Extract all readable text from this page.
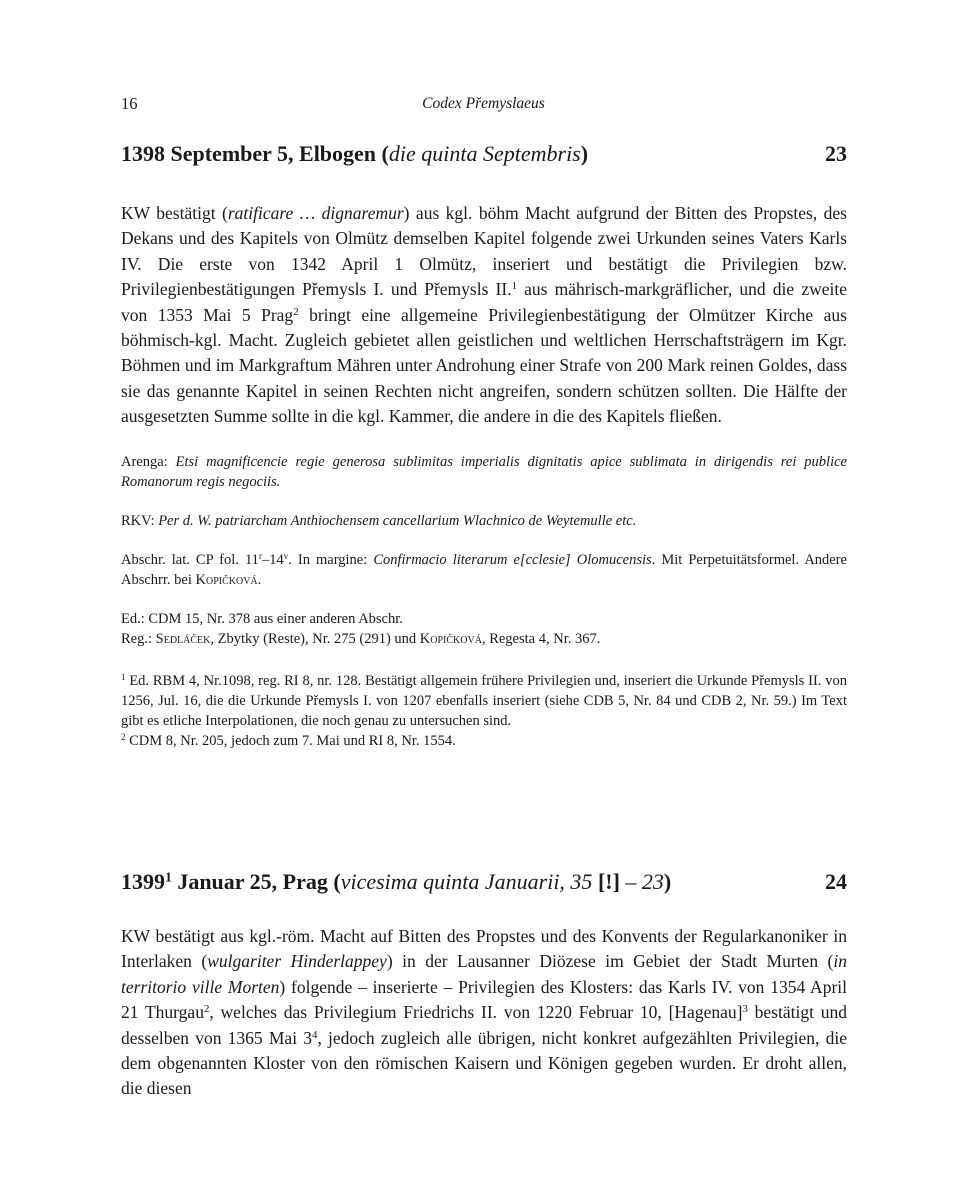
16	Codex Přemyslaeus
1398 September 5, Elbogen (die quinta Septembris)	23

KW bestätigt (ratificare … dignaremur) aus kgl. böhm Macht aufgrund der Bitten des Propstes, des Dekans und des Kapitels von Olmütz demselben Kapitel folgende zwei Urkunden seines Vaters Karls IV. Die erste von 1342 April 1 Olmütz, inseriert und bestätigt die Privilegien bzw. Privilegienbestätigungen Přemysls I. und Přemysls II.$^1$ aus mährisch-markgräflicher, und die zweite von 1353 Mai 5 Prag$^2$ bringt eine allgemeine Privilegienbestätigung der Olmützer Kirche aus böhmisch-kgl. Macht. Zugleich gebietet allen geistlichen und weltlichen Herrschaftsträgern im Kgr. Böhmen und im Markgraftum Mähren unter Androhung einer Strafe von 200 Mark reinen Goldes, dass sie das genannte Kapitel in seinen Rechten nicht angreifen, sondern schützen sollten. Die Hälfte der ausgesetzten Summe sollte in die kgl. Kammer, die andere in die des Kapitels fließen.

Arenga: Etsi magnificencie regie generosa sublimitas imperialis dignitatis apice sublimata in dirigendis rei publice Romanorum regis negociis.

RKV: Per d. W. patriarcham Anthiochensem cancellarium Wlachnico de Weytemulle etc.

Abschr. lat. CP fol. 11$^r$–14$^v$. In margine: Confirmacio literarum e[cclesie] Olomucensis. Mit Perpetuitätsformel. Andere Abschrr. bei Kopičková.

Ed.: CDM 15, Nr. 378 aus einer anderen Abschr.
Reg.: Sedláček, Zbytky (Reste), Nr. 275 (291) und Kopičková, Regesta 4, Nr. 367.

$^1$ Ed. RBM 4, Nr.1098, reg. RI 8, nr. 128. Bestätigt allgemein frühere Privilegien und, inseriert die Urkunde Přemysls II. von 1256, Jul. 16, die die Urkunde Přemysls I. von 1207 ebenfalls inseriert (siehe CDB 5, Nr. 84 und CDB 2, Nr. 59.) Im Text gibt es etliche Interpolationen, die noch genau zu untersuchen sind.
$^2$ CDM 8, Nr. 205, jedoch zum 7. Mai und RI 8, Nr. 1554.
1399$^1$ Januar 25, Prag (vicesima quinta Januarii, 35 [!] – 23)	24

KW bestätigt aus kgl.-röm. Macht auf Bitten des Propstes und des Konvents der Regularkanoniker in Interlaken (wulgariter Hinderlappey) in der Lausanner Diözese im Gebiet der Stadt Murten (in territorio ville Morten) folgende – inserierte – Privilegien des Klosters: das Karls IV. von 1354 April 21 Thurgau$^2$, welches das Privilegium Friedrichs II. von 1220 Februar 10, [Hagenau]$^3$ bestätigt und desselben von 1365 Mai $3^4$, jedoch zugleich alle übrigen, nicht konkret aufgezählten Privilegien, die dem obgenannten Kloster von den römischen Kaisern und Königen gegeben wurden. Er droht allen, die diesen
